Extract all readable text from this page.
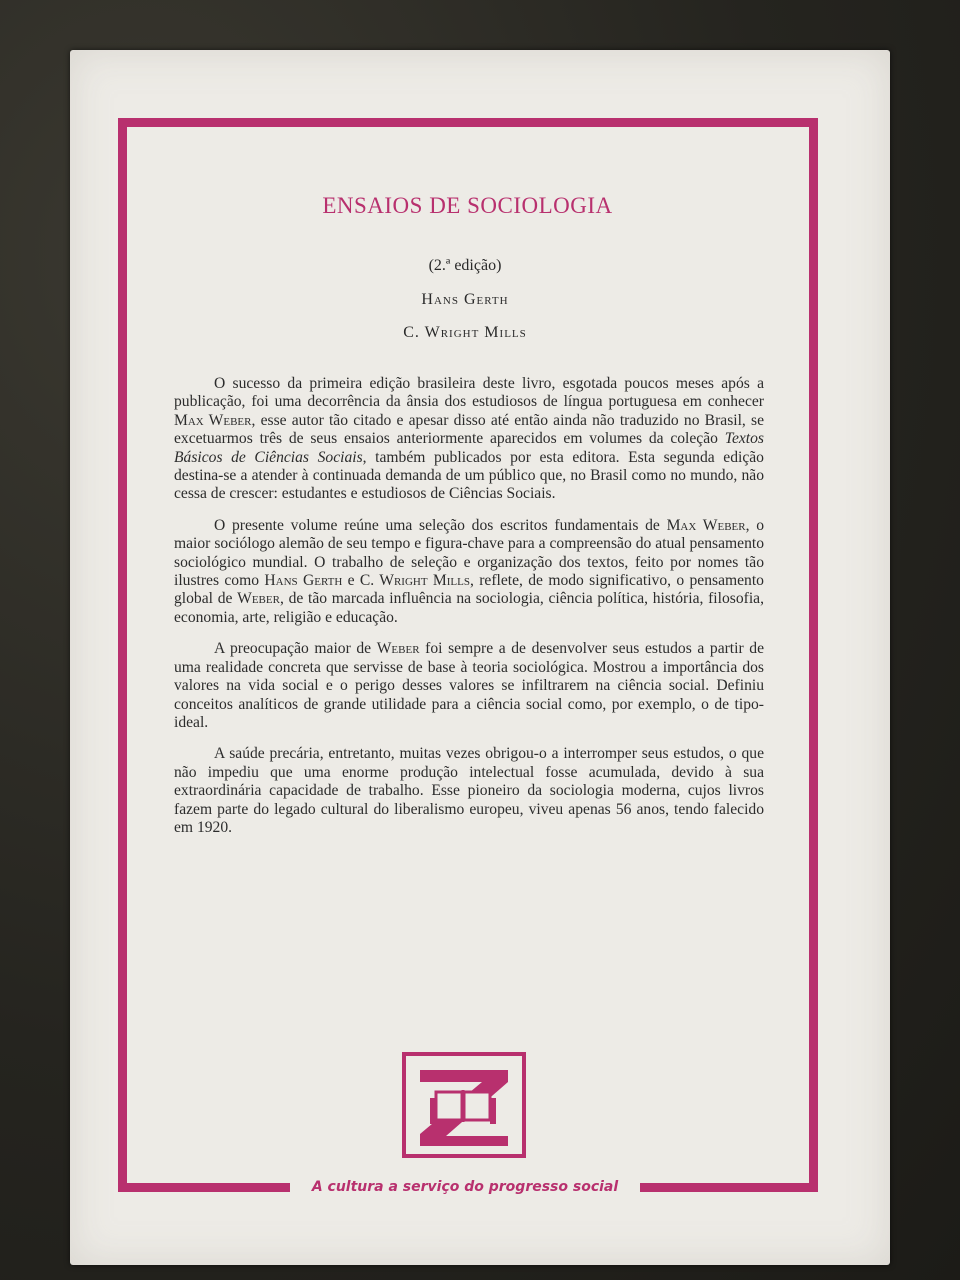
ENSAIOS DE SOCIOLOGIA
(2.ª edição)
Hans Gerth
C. Wright Mills

O sucesso da primeira edição brasileira deste livro, esgotada poucos meses após a publicação, foi uma decorrência da ânsia dos estudiosos de língua portuguesa em conhecer Max Weber, esse autor tão citado e apesar disso até então ainda não traduzido no Brasil, se excetuarmos três de seus ensaios anteriormente aparecidos em volumes da coleção Textos Básicos de Ciências Sociais, também publicados por esta editora. Esta segunda edição destina-se a atender à continuada demanda de um público que, no Brasil como no mundo, não cessa de crescer: estudantes e estudiosos de Ciências Sociais.

O presente volume reúne uma seleção dos escritos fundamentais de Max Weber, o maior sociólogo alemão de seu tempo e figura-chave para a compreensão do atual pensamento sociológico mundial. O trabalho de seleção e organização dos textos, feito por nomes tão ilustres como Hans Gerth e C. Wright Mills, reflete, de modo significativo, o pensamento global de Weber, de tão marcada influência na sociologia, ciência política, história, filosofia, economia, arte, religião e educação.

A preocupação maior de Weber foi sempre a de desenvolver seus estudos a partir de uma realidade concreta que servisse de base à teoria sociológica. Mostrou a importância dos valores na vida social e o perigo desses valores se infiltrarem na ciência social. Definiu conceitos analíticos de grande utilidade para a ciência social como, por exemplo, o de tipo-ideal.

A saúde precária, entretanto, muitas vezes obrigou-o a interromper seus estudos, o que não impediu que uma enorme produção intelectual fosse acumulada, devido à sua extraordinária capacidade de trabalho. Esse pioneiro da sociologia moderna, cujos livros fazem parte do legado cultural do liberalismo europeu, viveu apenas 56 anos, tendo falecido em 1920.

A cultura a serviço do progresso social
